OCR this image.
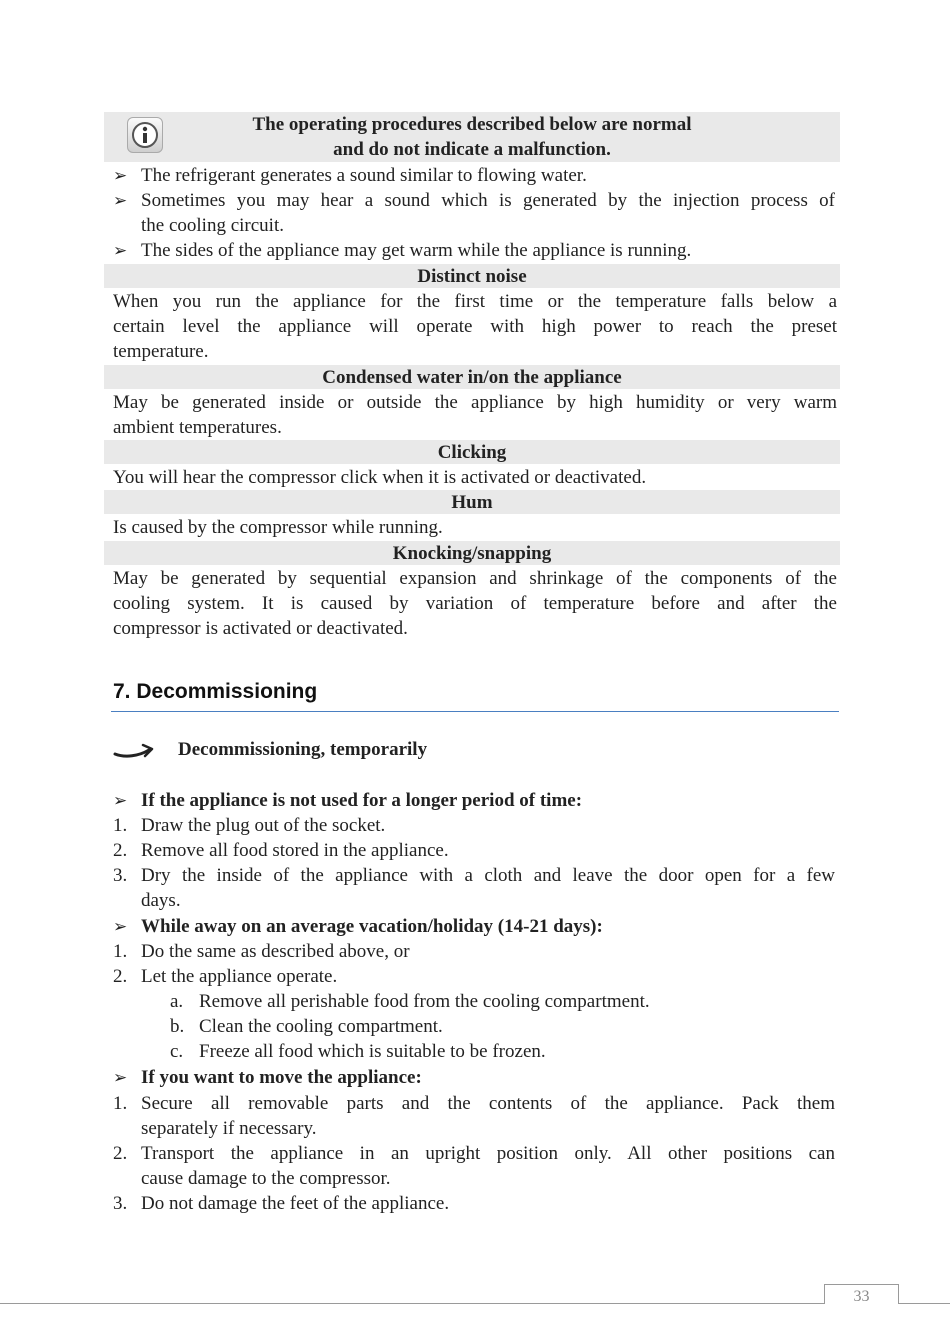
The operating procedures described below are normal
and do not indicate a malfunction.
➢ The refrigerant generates a sound similar to flowing water.
➢ Sometimes you may hear a sound which is generated by the injection process of
the cooling circuit.
➢ The sides of the appliance may get warm while the appliance is running.
Distinct noise
When you run the appliance for the first time or the temperature falls below a
certain level the appliance will operate with high power to reach the preset
temperature.
Condensed water in/on the appliance
May be generated inside or outside the appliance by high humidity or very warm
ambient temperatures.
Clicking
You will hear the compressor click when it is activated or deactivated.
Hum
Is caused by the compressor while running.
Knocking/snapping
May be generated by sequential expansion and shrinkage of the components of the
cooling system. It is caused by variation of temperature before and after the
compressor is activated or deactivated.
7. Decommissioning
Decommissioning, temporarily
➢ If the appliance is not used for a longer period of time:
1. Draw the plug out of the socket.
2. Remove all food stored in the appliance.
3. Dry the inside of the appliance with a cloth and leave the door open for a few
days.
➢ While away on an average vacation/holiday (14-21 days):
1. Do the same as described above, or
2. Let the appliance operate.
a. Remove all perishable food from the cooling compartment.
b. Clean the cooling compartment.
c. Freeze all food which is suitable to be frozen.
➢ If you want to move the appliance:
1. Secure all removable parts and the contents of the appliance. Pack them
separately if necessary.
2. Transport the appliance in an upright position only. All other positions can
cause damage to the compressor.
3. Do not damage the feet of the appliance.
33
